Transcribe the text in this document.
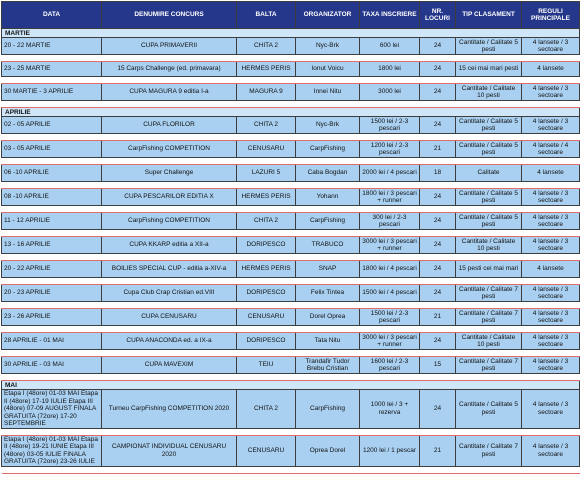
DATA	DENUMIRE CONCURS	BALTA	ORGANIZATOR	TAXA INSCRIERE	NR. LOCURI	TIP CLASAMENT	REGULI PRINCIPALE
MARTIE							
20 - 22 MARTIE	CUPA PRIMAVERII	CHITA 2	Nyc-Brk	600 lei	24	Cantitate / Calitate 5 pesti	4 lansete / 3 sectoare

23 - 25 MARTIE	15 Carps Challenge (ed. primavara)	HERMES PERIS	Ionut Voicu	1800 lei	24	15 cei mai mari pesti	4 lansete

30 MARTIE - 3 APRILIE	CUPA MAGURA 9 editia I-a	MAGURA 9	Innei Nitu	3000 lei	24	Cantitate / Calitate 10 pesti	4 lansete / 3 sectoare

APRILIE							
02 - 05 APRILIE	CUPA FLORILOR	CHITA 2	Nyc-Brk	1500 lei / 2-3 pescari	24	Cantitate / Calitate 5 pesti	4 lansete / 3 sectoare

03 - 05 APRILIE	CarpFishing COMPETITION	CENUSARU	CarpFishing	1200 lei / 2-3 pescari	21	Cantitate / Calitate 5 pesti	4 lansete / 4 sectoare

06 -10 APRILIE	Super Challenge	LAZURI 5	Caba Bogdan	2000 lei / 4 pescari	18	Calitate	4 lansete

08 -10 APRILIE	CUPA PESCARILOR EDITIA X	HERMES PERIS	Yohann	1800 lei / 3 pescari + runner	24	Cantitate / Calitate 5 pesti	4 lansete / 3 sectoare

11 - 12 APRILIE	CarpFishing COMPETITION	CHITA 2	CarpFishing	300 lei / 2-3 pescari	24	Cantitate / Calitate 5 pesti	4 lansete / 3 sectoare

13 - 16 APRILIE	CUPA KKARP editia a XII-a	DORIPESCO	TRABUCO	3000 lei / 3 pescari + runner	24	Cantitate / Calitate 10 pesti	4 lansete / 3 sectoare

20 - 22 APRILIE	BOILIES SPECIAL CUP - editia a-XIV-a	HERMES PERIS	SNAP	1800 lei / 4 pescari	24	15 pesti cei mai mari	4 lansete

20 - 23 APRILIE	Cupa Club Crap Cristian ed.VIII	DORIPESCO	Felix Tintea	1500 lei / 4 pescari	24	Cantitate / Calitate 7 pesti	4 lansete / 3 sectoare

23 - 26 APRILIE	CUPA CENUSARU	CENUSARU	Dorel Oprea	1500 lei / 2-3 pescari	21	Cantitate / Calitate 7 pesti	4 lansete / 3 sectoare

28 APRILIE - 01 MAI	CUPA ANACONDA ed. a IX-a	DORIPESCO	Tata Nitu	3000 lei / 3 pescari + runner	24	Cantitate / Calitate 10 pesti	4 lansete / 3 sectoare

30 APRILIE - 03 MAI	CUPA MAVEXIM	TEIU	Trandafir Tudor Brebu Cristian	1600 lei / 2-3 pescari	15	Cantitate / Calitate 7 pesti	4 lansete / 3 sectoare

MAI							
Etapa I (48ore) 01-03 MAI Etapa II (48ore) 17-19 IULIE Etapa III (48ore) 07-09 AUGUST FINALA GRATUITA (72ore) 17-20 SEPTEMBRIE	Turneu CarpFishing COMPETITION 2020	CHITA 2	CarpFishing	1000 lei / 3 + rezerva	24	Cantitate / Calitate 5 pesti	4 lansete / 3 sectoare

Etapa I (48ore) 01-03 MAI Etapa II (48ore) 19-21 IUNIE Etapa III (48ore) 03-05 IULIE FINALA GRATUITA (72ore) 23-26 IULIE	CAMPIONAT INDIVIDUAL CENUSARU 2020	CENUSARU	Oprea Dorel	1200 lei / 1 pescar	21	Cantitate / Calitate 7 pesti	4 lansete / 3 sectoare
